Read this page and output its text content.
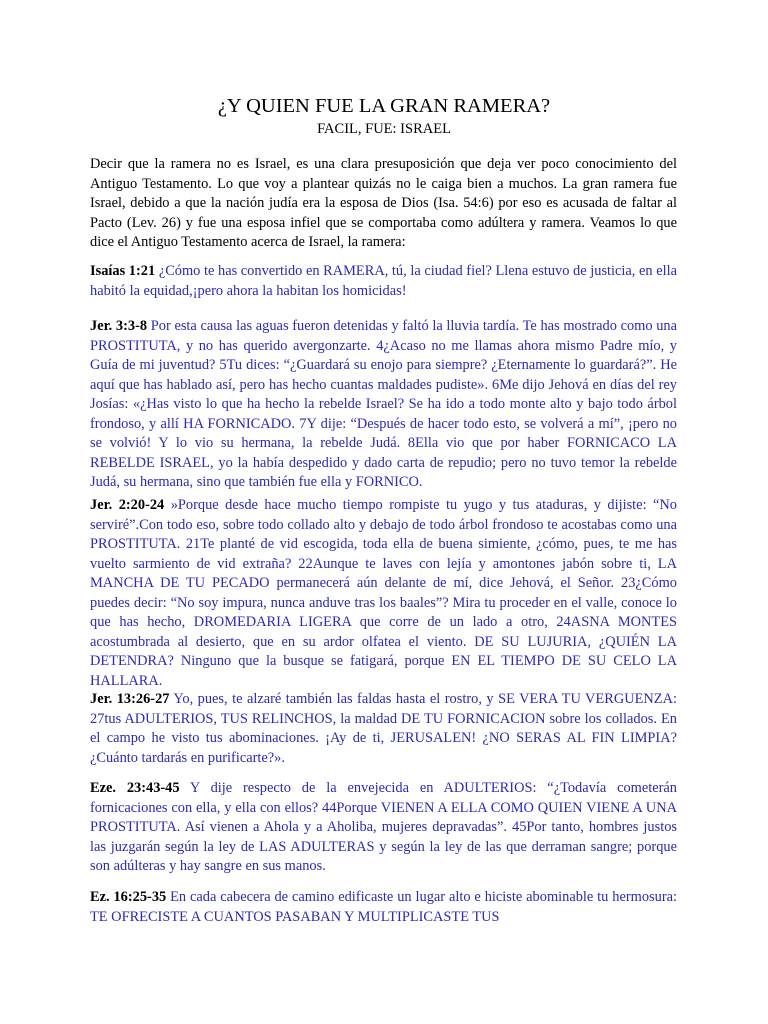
¿Y QUIEN FUE LA GRAN RAMERA?
FACIL, FUE: ISRAEL

Decir que la ramera no es Israel, es una clara presuposición que deja ver poco conocimiento del Antiguo Testamento. Lo que voy a plantear quizás no le caiga bien a muchos. La gran ramera fue Israel, debido a que la nación judía era la esposa de Dios (Isa. 54:6) por eso es acusada de faltar al Pacto (Lev. 26) y fue una esposa infiel que se comportaba como adúltera y ramera. Veamos lo que dice el Antiguo Testamento acerca de Israel, la ramera:

Isaías 1:21 ¿Cómo te has convertido en RAMERA, tú, la ciudad fiel? Llena estuvo de justicia, en ella habitó la equidad,¡pero ahora la habitan los homicidas!

Jer. 3:3-8 Por esta causa las aguas fueron detenidas y faltó la lluvia tardía. Te has mostrado como una PROSTITUTA, y no has querido avergonzarte. 4¿Acaso no me llamas ahora mismo Padre mío, y Guía de mi juventud? 5Tu dices: “¿Guardará su enojo para siempre? ¿Eternamente lo guardará?”. He aquí que has hablado así, pero has hecho cuantas maldades pudiste». 6Me dijo Jehová en días del rey Josías: «¿Has visto lo que ha hecho la rebelde Israel? Se ha ido a todo monte alto y bajo todo árbol frondoso, y allí HA FORNICADO. 7Y dije: “Después de hacer todo esto, se volverá a mí”, ¡pero no se volvió! Y lo vio su hermana, la rebelde Judá. 8Ella vio que por haber FORNICACO LA REBELDE ISRAEL, yo la había despedido y dado carta de repudio; pero no tuvo temor la rebelde Judá, su hermana, sino que también fue ella y FORNICO.

Jer. 2:20-24 »Porque desde hace mucho tiempo rompiste tu yugo y tus ataduras, y dijiste: “No serviré”.Con todo eso, sobre todo collado alto y debajo de todo árbol frondoso te acostabas como una PROSTITUTA. 21Te planté de vid escogida, toda ella de buena simiente, ¿cómo, pues, te me has vuelto sarmiento de vid extraña? 22Aunque te laves con lejía y amontones jabón sobre ti, LA MANCHA DE TU PECADO permanecerá aún delante de mí, dice Jehová, el Señor. 23¿Cómo puedes decir: “No soy impura, nunca anduve tras los baales”? Mira tu proceder en el valle, conoce lo que has hecho, DROMEDARIA LIGERA que corre de un lado a otro, 24ASNA MONTES acostumbrada al desierto, que en su ardor olfatea el viento. DE SU LUJURIA, ¿QUIÉN LA DETENDRA? Ninguno que la busque se fatigará, porque EN EL TIEMPO DE SU CELO LA HALLARA.

Jer. 13:26-27 Yo, pues, te alzaré también las faldas hasta el rostro, y SE VERA TU VERGUENZA: 27tus ADULTERIOS, TUS RELINCHOS, la maldad DE TU FORNICACION sobre los collados. En el campo he visto tus abominaciones. ¡Ay de ti, JERUSALEN! ¿NO SERAS AL FIN LIMPIA? ¿Cuánto tardarás en purificarte?».

Eze. 23:43-45 Y dije respecto de la envejecida en ADULTERIOS: “¿Todavía cometerán fornicaciones con ella, y ella con ellos? 44Porque VIENEN A ELLA COMO QUIEN VIENE A UNA PROSTITUTA. Así vienen a Ahola y a Aholiba, mujeres depravadas”. 45Por tanto, hombres justos las juzgarán según la ley de LAS ADULTERAS y según la ley de las que derraman sangre; porque son adúlteras y hay sangre en sus manos.

Ez. 16:25-35 En cada cabecera de camino edificaste un lugar alto e hiciste abominable tu hermosura: TE OFRECISTE A CUANTOS PASABAN Y MULTIPLICASTE TUS
